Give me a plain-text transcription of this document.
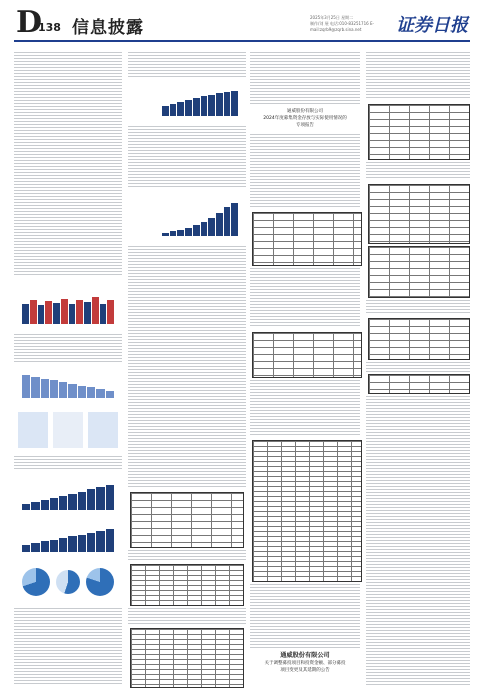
D
138 信息披露
2025年3月25日 星期二
制作/刘 展 电话:010-83251716 E-mail:zqrb9@zqrb.sina.net	证券日报
通威股份有限公司
2024年度募集资金存放与实际使用情况的
专项报告
通威股份有限公司
关于调整募投项目和投资金额、部分募投
项目变更及其延期的公告
